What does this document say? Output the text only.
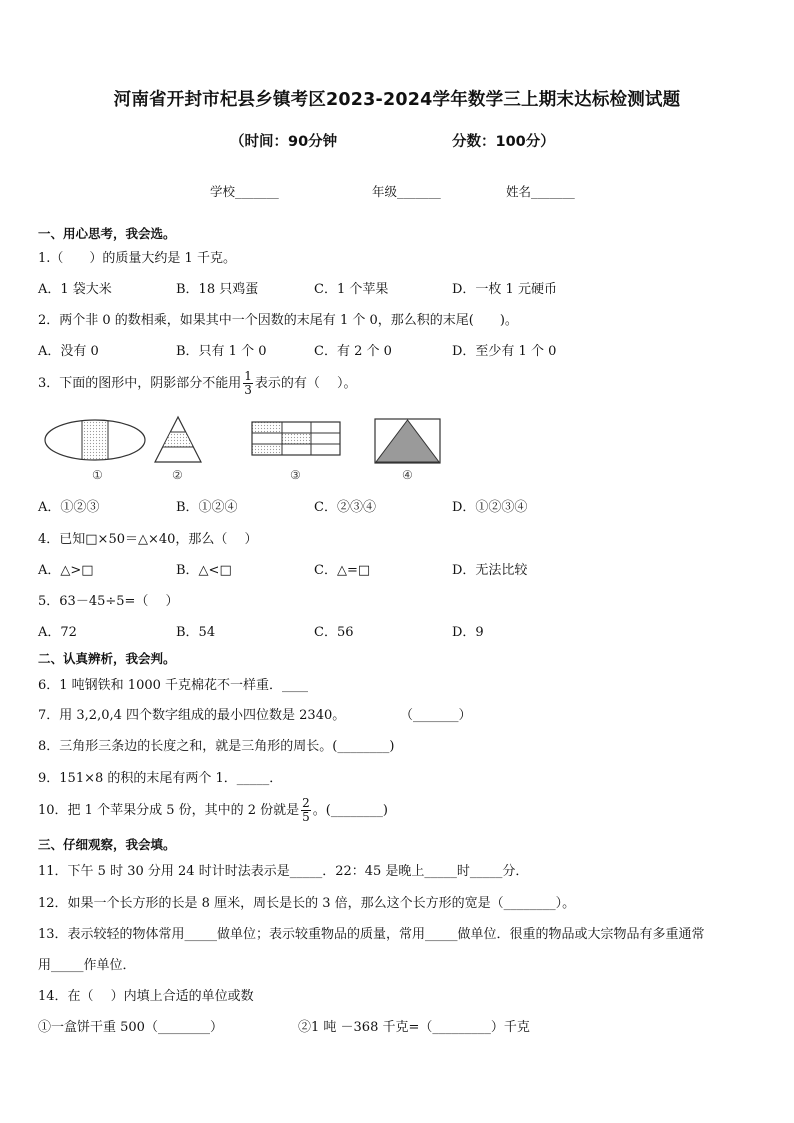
河南省开封市杞县乡镇考区2023-2024学年数学三上期末达标检测试题
（时间：90分钟	分数：100分）
学校_______	年级_______	姓名_______
一、用心思考，我会选。
1.（　　）的质量大约是 1 千克。
A．1 袋大米	B．18 只鸡蛋	C．1 个苹果	D．一枚 1 元硬币
2．两个非 0 的数相乘，如果其中一个因数的末尾有 1 个 0，那么积的末尾(　　)。
A．没有 0	B．只有 1 个 0	C．有 2 个 0	D．至少有 1 个 0
3．下面的图形中，阴影部分不能用 $\frac{1}{3}$ 表示的有（　 ）。
①	②	③	④
A．①②③	B．①②④	C．②③④	D．①②③④
4．已知□×50＝△×40，那么（　 ）
A．△>□	B．△<□	C．△=□	D．无法比较
5．63－45÷5=（　 ）
A．72	B．54	C．56	D．9
二、认真辨析，我会判。
6．1 吨钢铁和 1000 千克棉花不一样重．____
7．用 3,2,0,4 四个数字组成的最小四位数是 2340。	（_______）
8．三角形三条边的长度之和，就是三角形的周长。(________)
9．151×8 的积的末尾有两个 1．_____．
10．把 1 个苹果分成 5 份，其中的 2 份就是 $\frac{2}{5}$ 。(________)
三、仔细观察，我会填。
11．下午 5 时 30 分用 24 时计时法表示是_____．22：45 是晚上_____时_____分．
12．如果一个长方形的长是 8 厘米，周长是长的 3 倍，那么这个长方形的宽是（________）。
13．表示较轻的物体常用_____做单位；表示较重物品的质量，常用_____做单位．很重的物品或大宗物品有多重通常
用_____作单位．
14．在（　 ）内填上合适的单位或数
①一盒饼干重 500（________）	②1 吨 －368 千克=（_________）千克
